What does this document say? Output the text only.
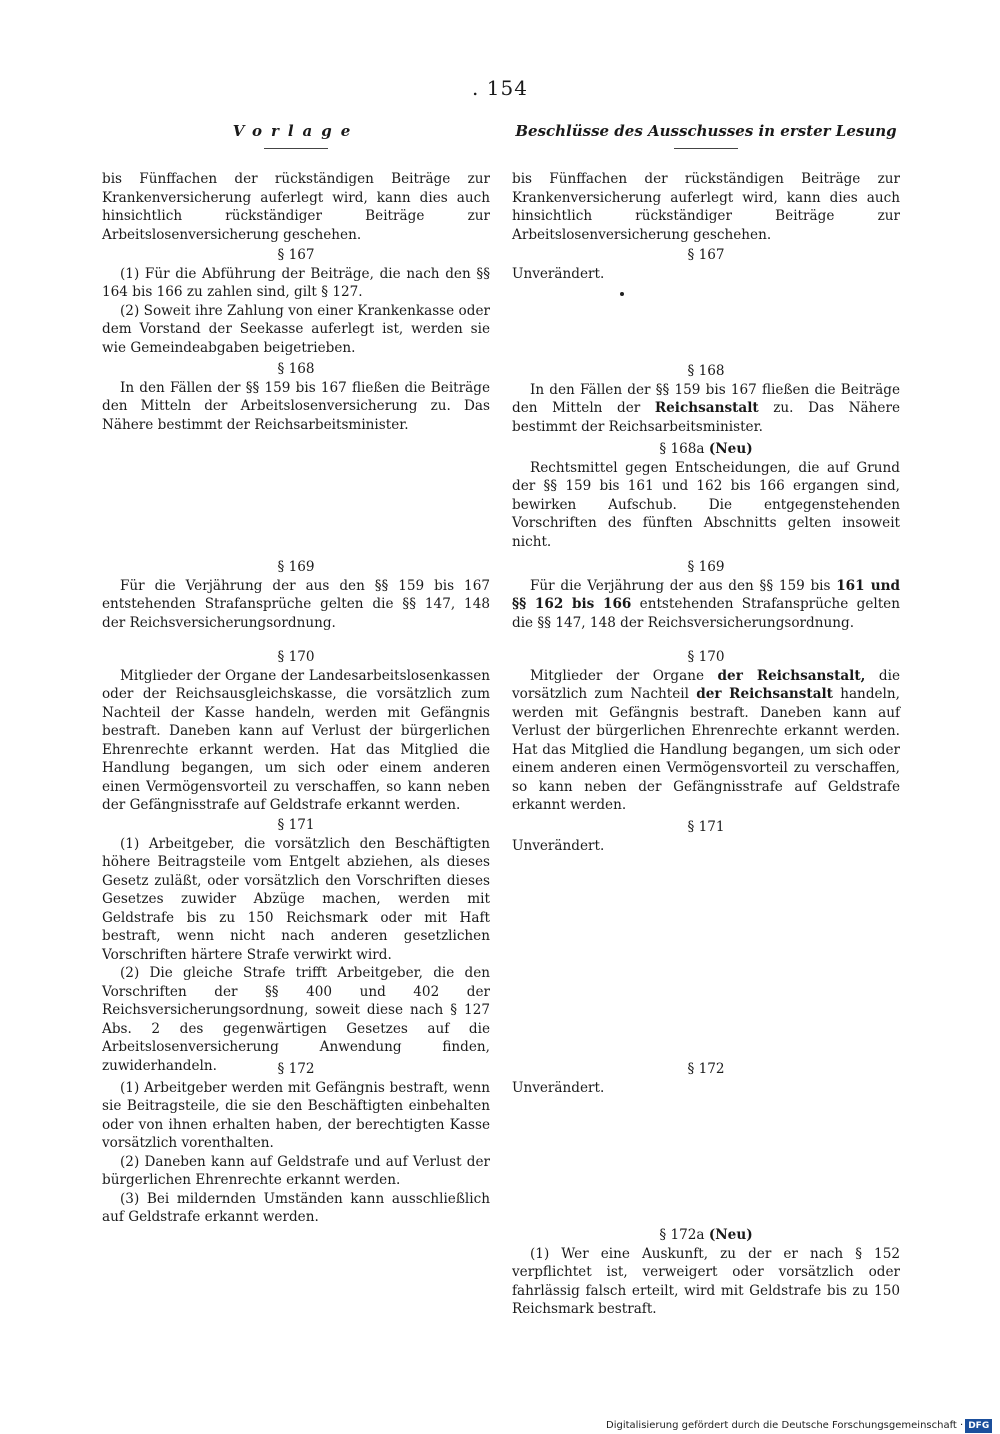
. 154
Vorlage

bis Fünffachen der rückständigen Beiträge zur Krankenversicherung auferlegt wird, kann dies auch hinsichtlich rückständiger Beiträge zur Arbeitslosenversicherung geschehen.

§ 167

(1) Für die Abführung der Beiträge, die nach den §§ 164 bis 166 zu zahlen sind, gilt § 127.

(2) Soweit ihre Zahlung von einer Krankenkasse oder dem Vorstand der Seekasse auferlegt ist, werden sie wie Gemeindeabgaben beigetrieben.

§ 168

In den Fällen der §§ 159 bis 167 fließen die Beiträge den Mitteln der Arbeitslosenversicherung zu. Das Nähere bestimmt der Reichsarbeitsminister.

§ 169

Für die Verjährung der aus den §§ 159 bis 167 entstehenden Strafansprüche gelten die §§ 147, 148 der Reichsversicherungsordnung.

§ 170

Mitglieder der Organe der Landesarbeitslosenkassen oder der Reichsausgleichskasse, die vorsätzlich zum Nachteil der Kasse handeln, werden mit Gefängnis bestraft. Daneben kann auf Verlust der bürgerlichen Ehrenrechte erkannt werden. Hat das Mitglied die Handlung begangen, um sich oder einem anderen einen Vermögensvorteil zu verschaffen, so kann neben der Gefängnisstrafe auf Geldstrafe erkannt werden.

§ 171

(1) Arbeitgeber, die vorsätzlich den Beschäftigten höhere Beitragsteile vom Entgelt abziehen, als dieses Gesetz zuläßt, oder vorsätzlich den Vorschriften dieses Gesetzes zuwider Abzüge machen, werden mit Geldstrafe bis zu 150 Reichsmark oder mit Haft bestraft, wenn nicht nach anderen gesetzlichen Vorschriften härtere Strafe verwirkt wird.

(2) Die gleiche Strafe trifft Arbeitgeber, die den Vorschriften der §§ 400 und 402 der Reichsversicherungsordnung, soweit diese nach § 127 Abs. 2 des gegenwärtigen Gesetzes auf die Arbeitslosenversicherung Anwendung finden, zuwiderhandeln.	§ 172

(1) Arbeitgeber werden mit Gefängnis bestraft, wenn sie Beitragsteile, die sie den Beschäftigten einbehalten oder von ihnen erhalten haben, der berechtigten Kasse vorsätzlich vorenthalten.

(2) Daneben kann auf Geldstrafe und auf Verlust der bürgerlichen Ehrenrechte erkannt werden.

(3) Bei mildernden Umständen kann ausschließlich auf Geldstrafe erkannt werden.

Beschlüsse des Ausschusses in erster Lesung

bis Fünffachen der rückständigen Beiträge zur Krankenversicherung auferlegt wird, kann dies auch hinsichtlich rückständiger Beiträge zur Arbeitslosenversicherung geschehen.

§ 167

Unverändert.

§ 168

In den Fällen der §§ 159 bis 167 fließen die Beiträge den Mitteln der Reichsanstalt zu. Das Nähere bestimmt der Reichsarbeitsminister.

§ 168a (Neu)

Rechtsmittel gegen Entscheidungen, die auf Grund der §§ 159 bis 161 und 162 bis 166 ergangen sind, bewirken Aufschub. Die entgegenstehenden Vorschriften des fünften Abschnitts gelten insoweit nicht.

§ 169

Für die Verjährung der aus den §§ 159 bis 161 und §§ 162 bis 166 entstehenden Strafansprüche gelten die §§ 147, 148 der Reichsversicherungsordnung.

§ 170

Mitglieder der Organe der Reichsanstalt, die vorsätzlich zum Nachteil der Reichsanstalt handeln, werden mit Gefängnis bestraft. Daneben kann auf Verlust der bürgerlichen Ehrenrechte erkannt werden. Hat das Mitglied die Handlung begangen, um sich oder einem anderen einen Vermögensvorteil zu verschaffen, so kann neben der Gefängnisstrafe auf Geldstrafe erkannt werden.

§ 171

Unverändert.

§ 172

Unverändert.

§ 172a (Neu)

(1) Wer eine Auskunft, zu der er nach § 152 verpflichtet ist, verweigert oder vorsätzlich oder fahrlässig falsch erteilt, wird mit Geldstrafe bis zu 150 Reichsmark bestraft.

Digitalisierung gefördert durch die Deutsche Forschungsgemeinschaft · DFG
